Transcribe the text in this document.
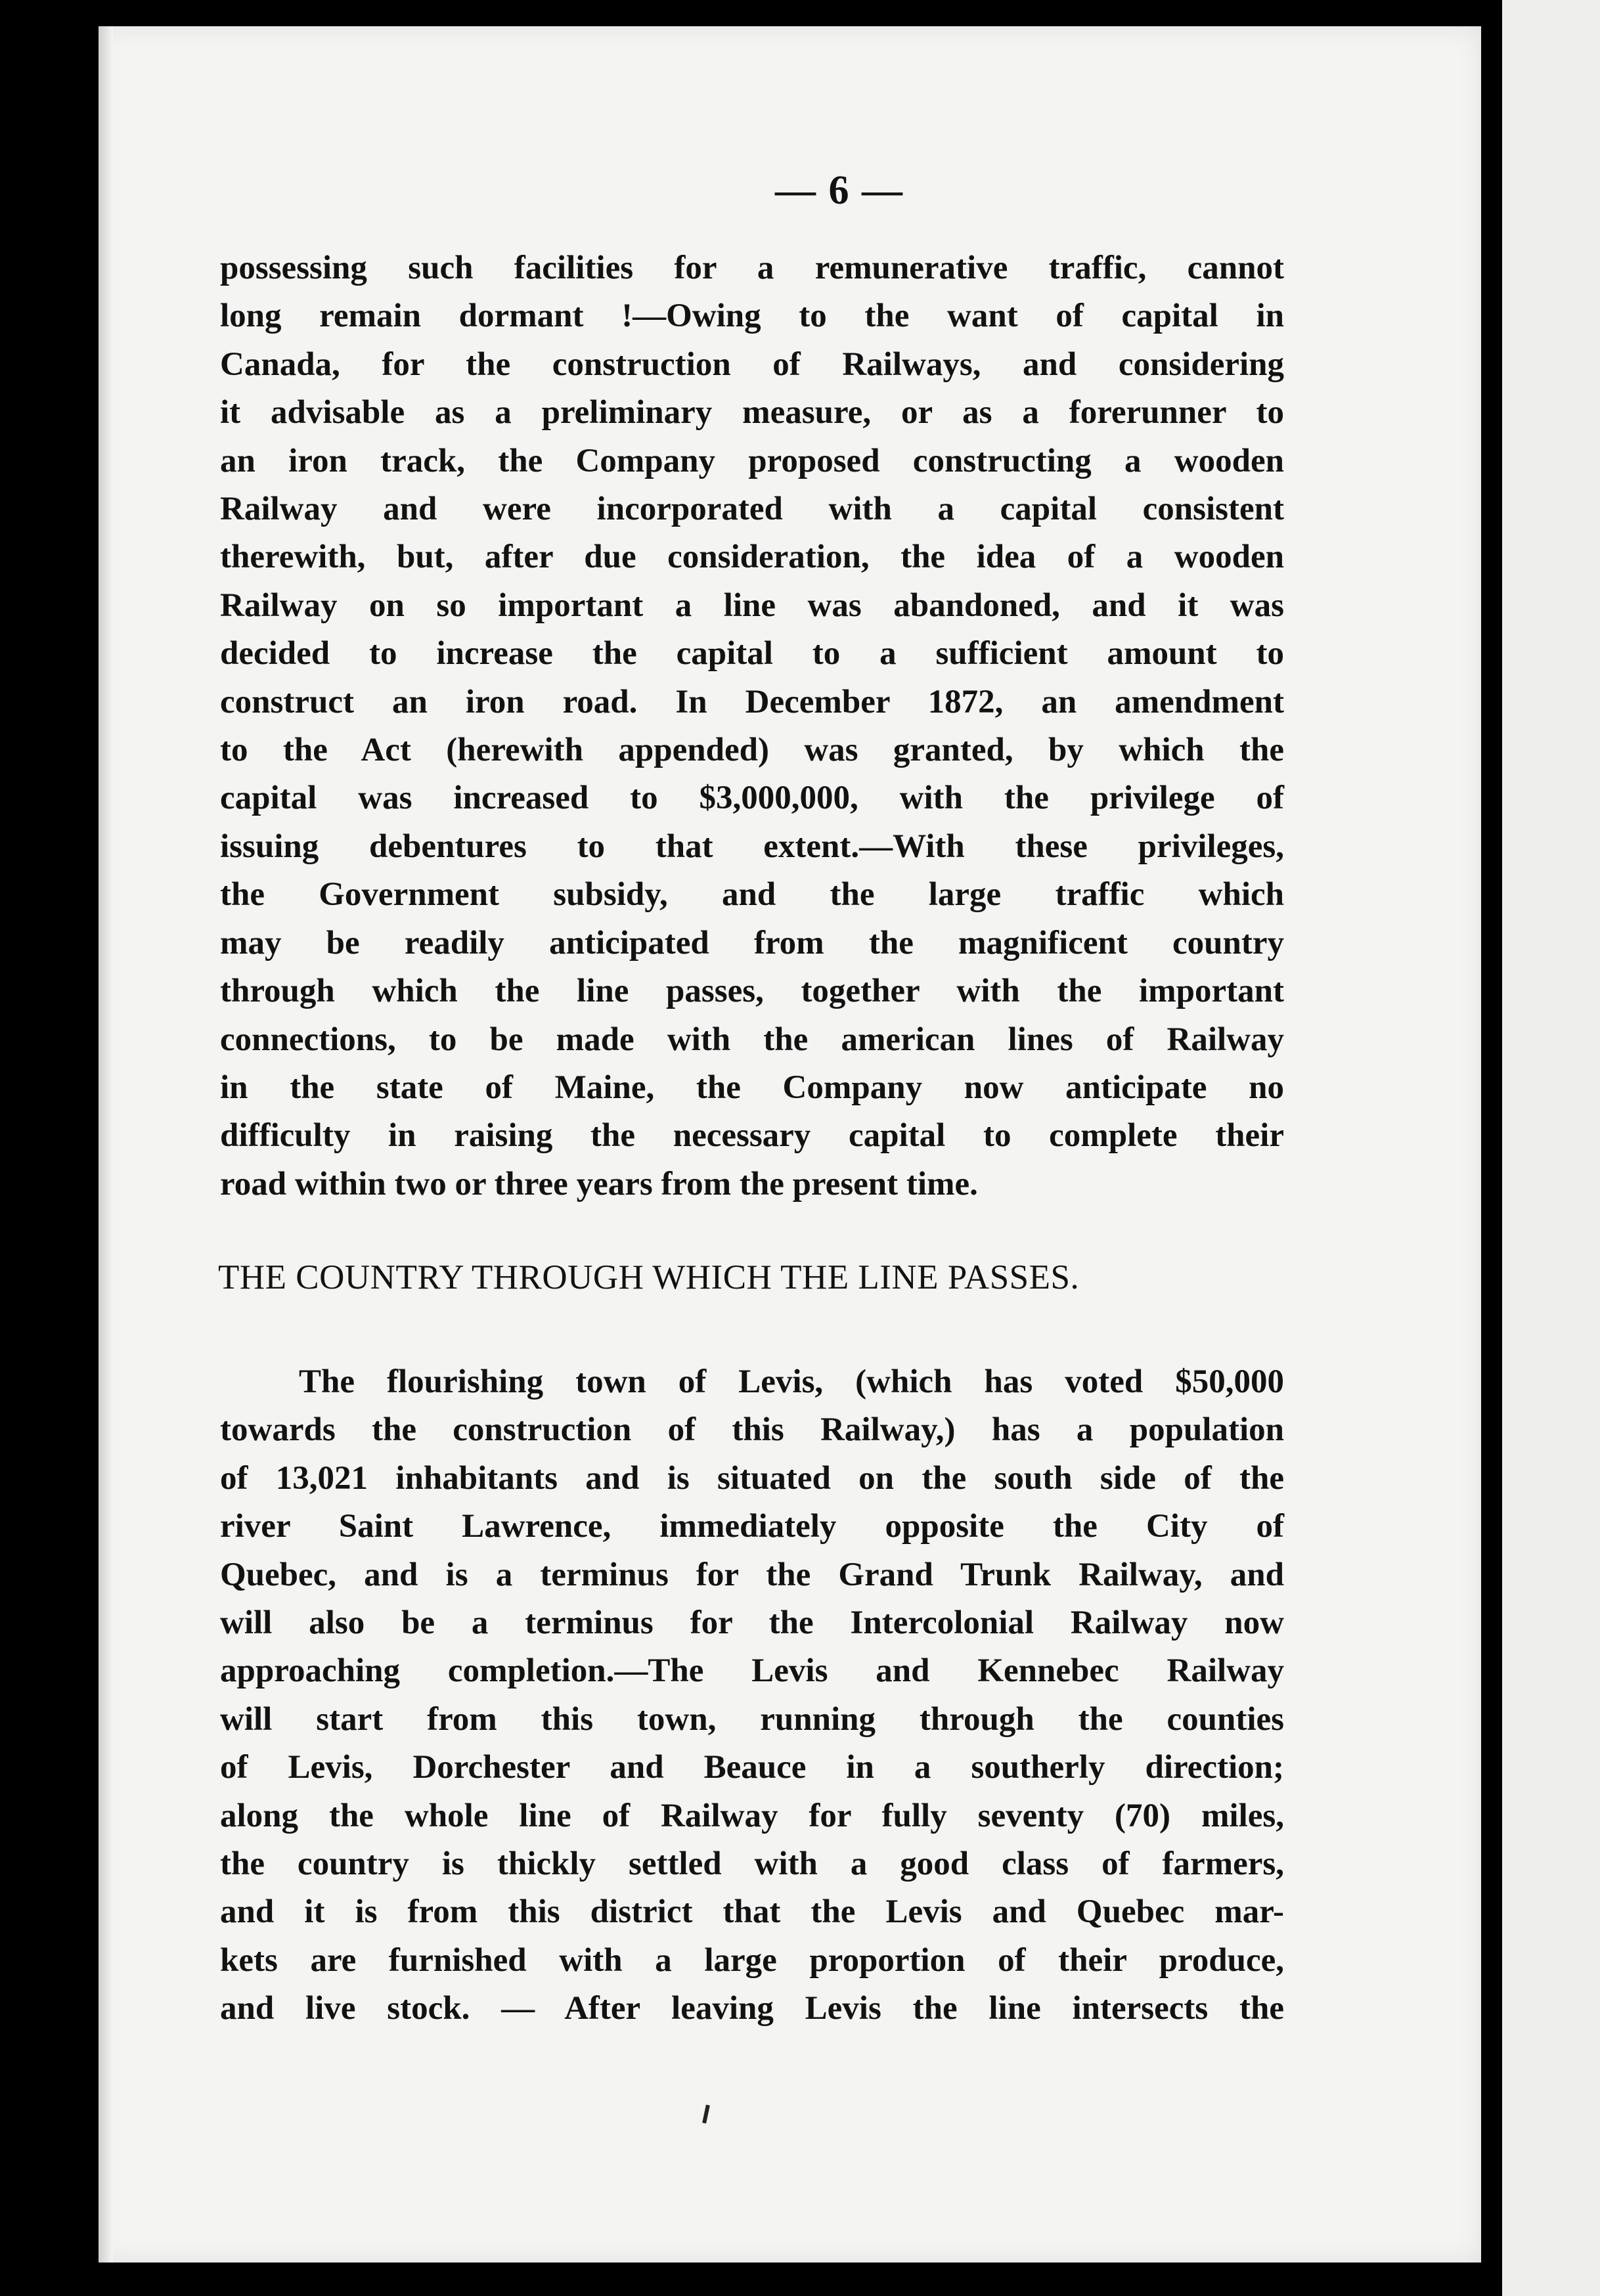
— 6 —
possessing such facilities for a remunerative traffic, cannot
long remain dormant !—Owing to the want of capital in
Canada, for the construction of Railways, and considering
it advisable as a preliminary measure, or as a forerunner to
an iron track, the Company proposed constructing a wooden
Railway and were incorporated with a capital consistent
therewith, but, after due consideration, the idea of a wooden
Railway on so important a line was abandoned, and it was
decided to increase the capital to a sufficient amount to
construct an iron road. In December 1872, an amendment
to the Act (herewith appended) was granted, by which the
capital was increased to $3,000,000, with the privilege of
issuing debentures to that extent.—With these privileges,
the Government subsidy, and the large traffic which
may be readily anticipated from the magnificent country
through which the line passes, together with the important
connections, to be made with the american lines of Railway
in the state of Maine, the Company now anticipate no
difficulty in raising the necessary capital to complete their
road within two or three years from the present time.
THE COUNTRY THROUGH WHICH THE LINE PASSES.
The flourishing town of Levis, (which has voted $50,000
towards the construction of this Railway,) has a population
of 13,021 inhabitants and is situated on the south side of the
river Saint Lawrence, immediately opposite the City of
Quebec, and is a terminus for the Grand Trunk Railway, and
will also be a terminus for the Intercolonial Railway now
approaching completion.—The Levis and Kennebec Railway
will start from this town, running through the counties
of Levis, Dorchester and Beauce in a southerly direction;
along the whole line of Railway for fully seventy (70) miles,
the country is thickly settled with a good class of farmers,
and it is from this district that the Levis and Quebec mar-
kets are furnished with a large proportion of their produce,
and live stock. — After leaving Levis the line intersects the
